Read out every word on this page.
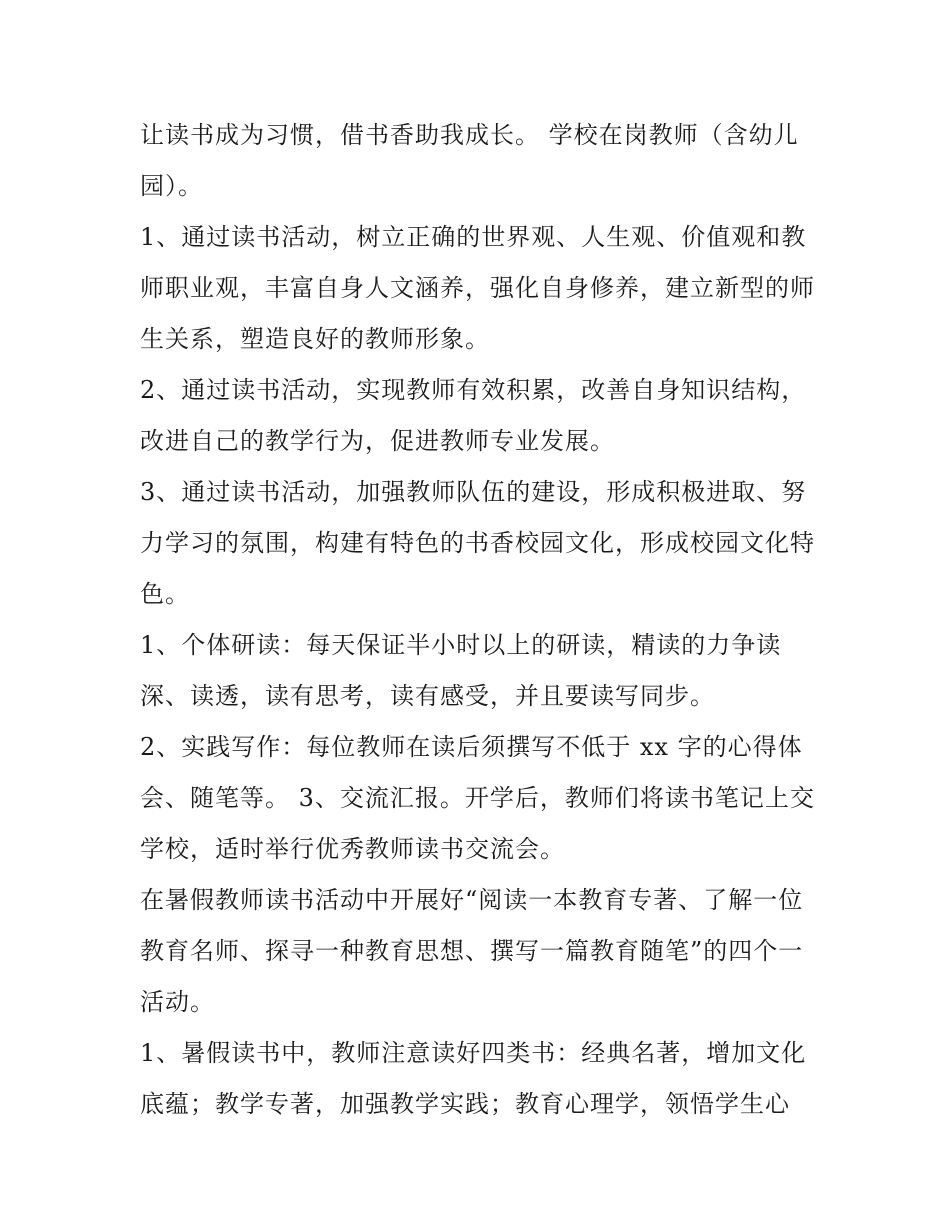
让读书成为习惯，借书香助我成长。 学校在岗教师（含幼儿
园）。

1、通过读书活动，树立正确的世界观、人生观、价值观和教
师职业观，丰富自身人文涵养，强化自身修养，建立新型的师
生关系，塑造良好的教师形象。

2、通过读书活动，实现教师有效积累，改善自身知识结构，
改进自己的教学行为，促进教师专业发展。

3、通过读书活动，加强教师队伍的建设，形成积极进取、努
力学习的氛围，构建有特色的书香校园文化，形成校园文化特
色。

1、个体研读：每天保证半小时以上的研读，精读的力争读
深、读透，读有思考，读有感受，并且要读写同步。

2、实践写作：每位教师在读后须撰写不低于 xx 字的心得体
会、随笔等。 3、交流汇报。开学后，教师们将读书笔记上交
学校，适时举行优秀教师读书交流会。

在暑假教师读书活动中开展好“阅读一本教育专著、了解一位
教育名师、探寻一种教育思想、撰写一篇教育随笔”的四个一
活动。

1、暑假读书中，教师注意读好四类书：经典名著，增加文化
底蕴；教学专著，加强教学实践；教育心理学，领悟学生心
